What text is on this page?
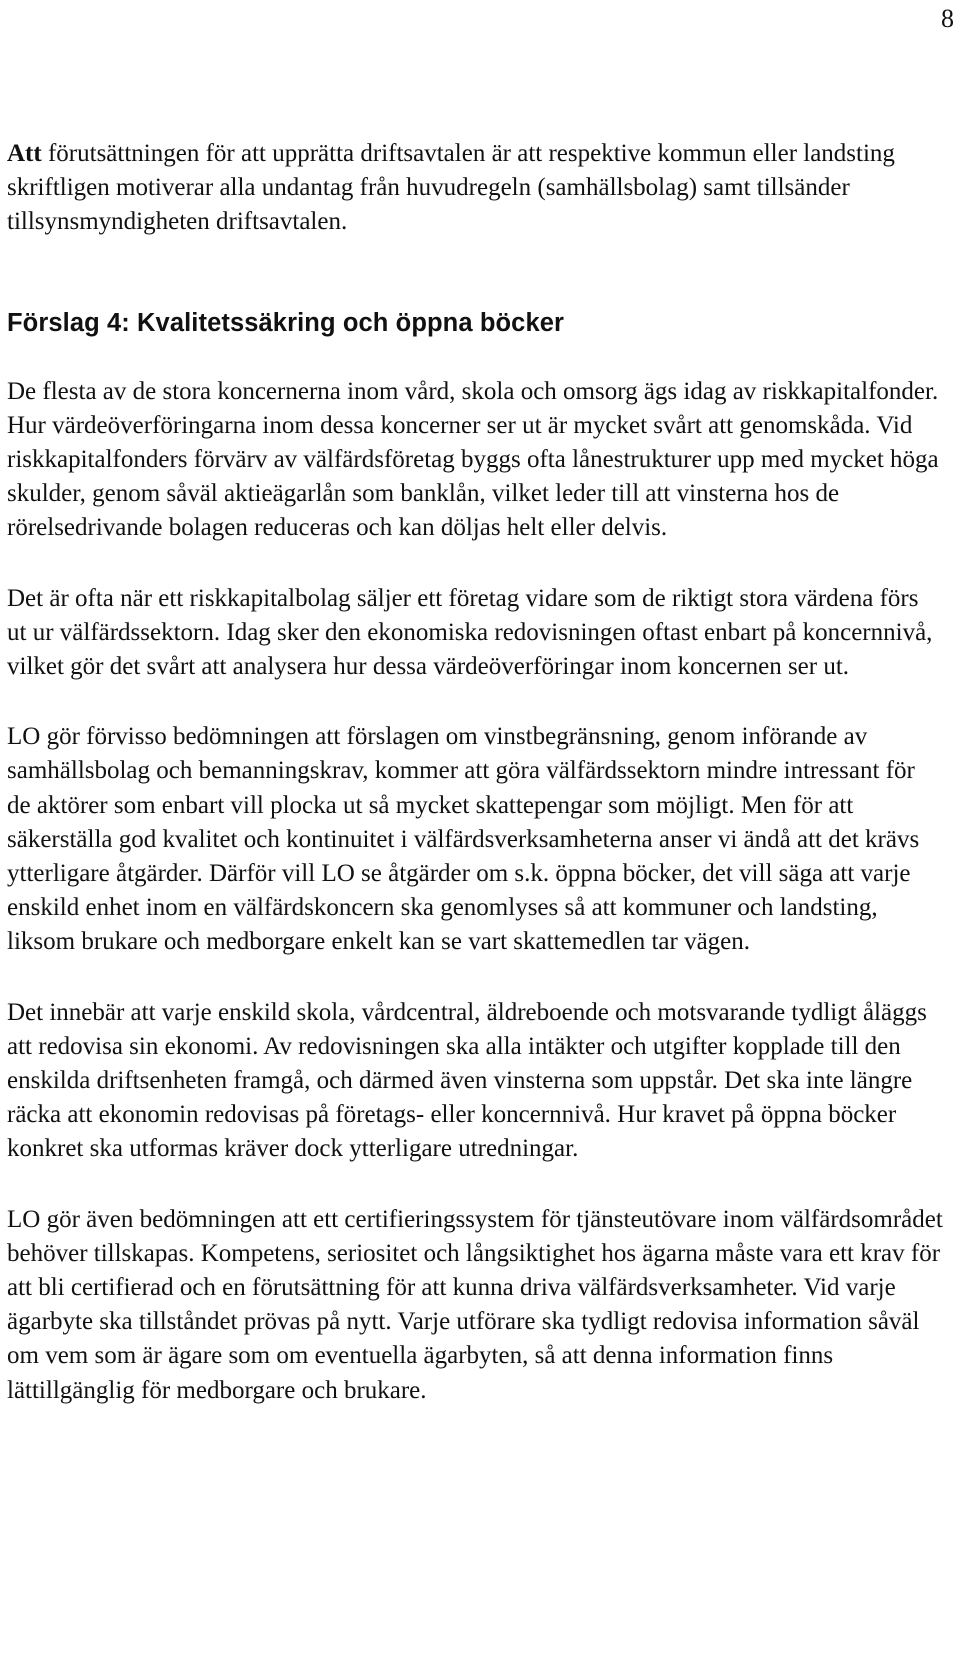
8

Att förutsättningen för att upprätta driftsavtalen är att respektive kommun eller landsting skriftligen motiverar alla undantag från huvudregeln (samhällsbolag) samt tillsänder tillsynsmyndigheten driftsavtalen.

Förslag 4: Kvalitetssäkring och öppna böcker

De flesta av de stora koncernerna inom vård, skola och omsorg ägs idag av riskkapitalfonder. Hur värdeöverföringarna inom dessa koncerner ser ut är mycket svårt att genomskåda. Vid riskkapitalfonders förvärv av välfärdsföretag byggs ofta lånestrukturer upp med mycket höga skulder, genom såväl aktieägarlån som banklån, vilket leder till att vinsterna hos de rörelsedrivande bolagen reduceras och kan döljas helt eller delvis.

Det är ofta när ett riskkapitalbolag säljer ett företag vidare som de riktigt stora värdena förs ut ur välfärdssektorn. Idag sker den ekonomiska redovisningen oftast enbart på koncernnivå, vilket gör det svårt att analysera hur dessa värdeöverföringar inom koncernen ser ut.

LO gör förvisso bedömningen att förslagen om vinstbegränsning, genom införande av samhällsbolag och bemanningskrav, kommer att göra välfärdssektorn mindre intressant för de aktörer som enbart vill plocka ut så mycket skattepengar som möjligt. Men för att säkerställa god kvalitet och kontinuitet i välfärdsverksamheterna anser vi ändå att det krävs ytterligare åtgärder. Därför vill LO se åtgärder om s.k. öppna böcker, det vill säga att varje enskild enhet inom en välfärdskoncern ska genomlyses så att kommuner och landsting, liksom brukare och medborgare enkelt kan se vart skattemedlen tar vägen.

Det innebär att varje enskild skola, vårdcentral, äldreboende och motsvarande tydligt åläggs att redovisa sin ekonomi. Av redovisningen ska alla intäkter och utgifter kopplade till den enskilda driftsenheten framgå, och därmed även vinsterna som uppstår. Det ska inte längre räcka att ekonomin redovisas på företags- eller koncernnivå. Hur kravet på öppna böcker konkret ska utformas kräver dock ytterligare utredningar.

LO gör även bedömningen att ett certifieringssystem för tjänsteutövare inom välfärdsområdet behöver tillskapas. Kompetens, seriositet och långsiktighet hos ägarna måste vara ett krav för att bli certifierad och en förutsättning för att kunna driva välfärdsverksamheter. Vid varje ägarbyte ska tillståndet prövas på nytt. Varje utförare ska tydligt redovisa information såväl om vem som är ägare som om eventuella ägarbyten, så att denna information finns lättillgänglig för medborgare och brukare.
